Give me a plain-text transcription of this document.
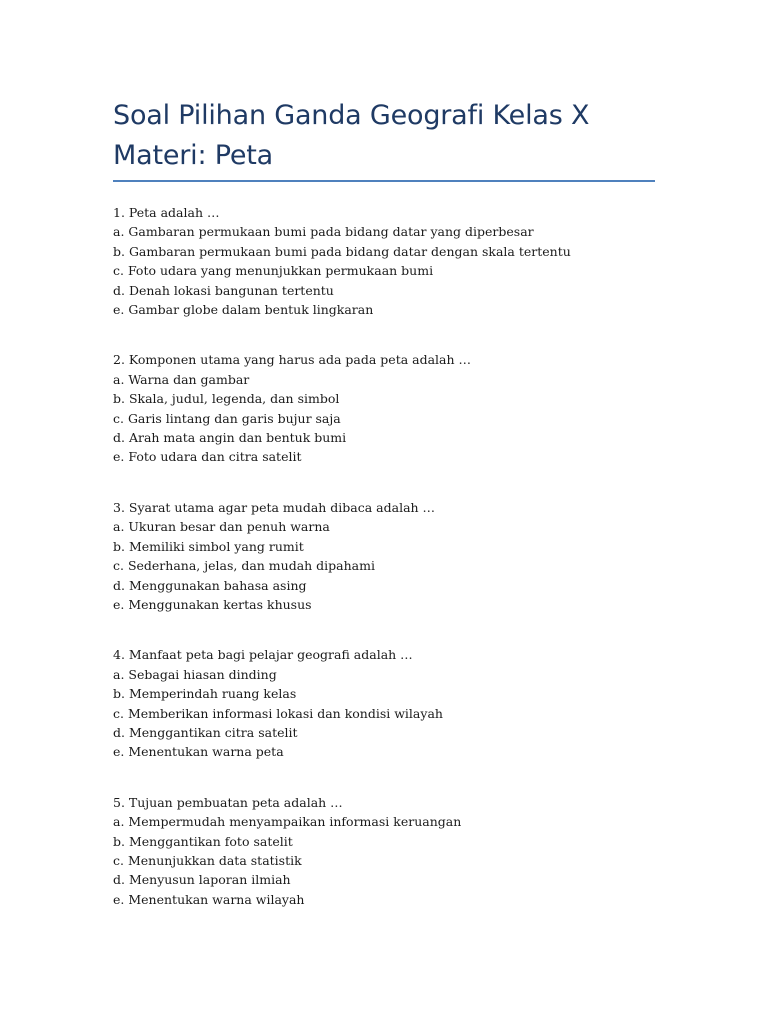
Soal Pilihan Ganda Geografi Kelas X Materi: Peta

1. Peta adalah …

a. Gambaran permukaan bumi pada bidang datar yang diperbesar

b. Gambaran permukaan bumi pada bidang datar dengan skala tertentu

c. Foto udara yang menunjukkan permukaan bumi

d. Denah lokasi bangunan tertentu

e. Gambar globe dalam bentuk lingkaran

2. Komponen utama yang harus ada pada peta adalah …

a. Warna dan gambar

b. Skala, judul, legenda, dan simbol

c. Garis lintang dan garis bujur saja

d. Arah mata angin dan bentuk bumi

e. Foto udara dan citra satelit

3. Syarat utama agar peta mudah dibaca adalah …

a. Ukuran besar dan penuh warna

b. Memiliki simbol yang rumit

c. Sederhana, jelas, dan mudah dipahami

d. Menggunakan bahasa asing

e. Menggunakan kertas khusus

4. Manfaat peta bagi pelajar geografi adalah …

a. Sebagai hiasan dinding

b. Memperindah ruang kelas

c. Memberikan informasi lokasi dan kondisi wilayah

d. Menggantikan citra satelit

e. Menentukan warna peta

5. Tujuan pembuatan peta adalah …

a. Mempermudah menyampaikan informasi keruangan

b. Menggantikan foto satelit

c. Menunjukkan data statistik

d. Menyusun laporan ilmiah

e. Menentukan warna wilayah
